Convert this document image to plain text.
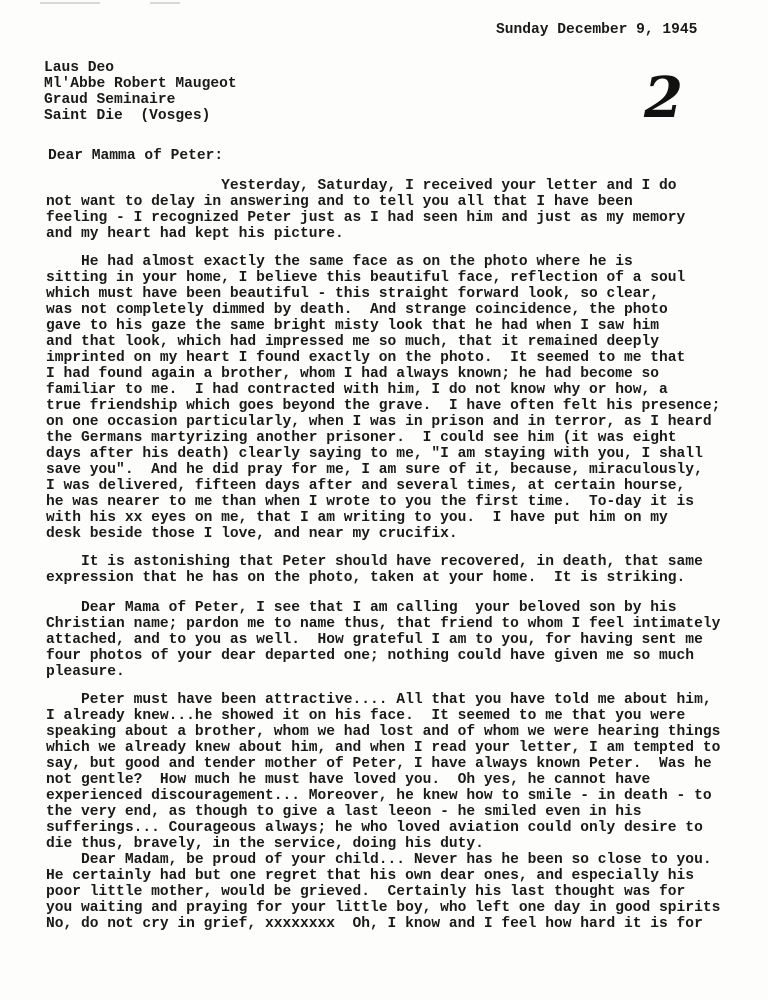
Sunday December 9, 1945
2
Laus Deo
Ml'Abbe Robert Maugeot
Graud Seminaire
Saint Die  (Vosges)
Dear Mamma of Peter:
Yesterday, Saturday, I received your letter and I do
not want to delay in answering and to tell you all that I have been
feeling - I recognized Peter just as I had seen him and just as my memory
and my heart had kept his picture.
He had almost exactly the same face as on the photo where he is
sitting in your home, I believe this beautiful face, reflection of a soul
which must have been beautiful - this straight forward look, so clear,
was not completely dimmed by death.  And strange coincidence, the photo
gave to his gaze the same bright misty look that he had when I saw him
and that look, which had impressed me so much, that it remained deeply
imprinted on my heart I found exactly on the photo.  It seemed to me that
I had found again a brother, whom I had always known; he had become so
familiar to me.  I had contracted with him, I do not know why or how, a
true friendship which goes beyond the grave.  I have often felt his presence;
on one occasion particularly, when I was in prison and in terror, as I heard
the Germans martyrizing another prisoner.  I could see him (it was eight
days after his death) clearly saying to me, "I am staying with you, I shall
save you".  And he did pray for me, I am sure of it, because, miraculously,
I was delivered, fifteen days after and several times, at certain hourse,
he was nearer to me than when I wrote to you the first time.  To-day it is
with his xx eyes on me, that I am writing to you.  I have put him on my
desk beside those I love, and near my crucifix.
It is astonishing that Peter should have recovered, in death, that same
expression that he has on the photo, taken at your home.  It is striking.
Dear Mama of Peter, I see that I am calling  your beloved son by his
Christian name; pardon me to name thus, that friend to whom I feel intimately
attached, and to you as well.  How grateful I am to you, for having sent me
four photos of your dear departed one; nothing could have given me so much
pleasure.
Peter must have been attractive.... All that you have told me about him,
I already knew...he showed it on his face.  It seemed to me that you were
speaking about a brother, whom we had lost and of whom we were hearing things
which we already knew about him, and when I read your letter, I am tempted to
say, but good and tender mother of Peter, I have always known Peter.  Was he
not gentle?  How much he must have loved you.  Oh yes, he cannot have
experienced discouragement... Moreover, he knew how to smile - in death - to
the very end, as though to give a last leeon - he smiled even in his
sufferings... Courageous always; he who loved aviation could only desire to
die thus, bravely, in the service, doing his duty.
Dear Madam, be proud of your child... Never has he been so close to you.
He certainly had but one regret that his own dear ones, and especially his
poor little mother, would be grieved.  Certainly his last thought was for
you waiting and praying for your little boy, who left one day in good spirits
No, do not cry in grief, xxxxxxxx  Oh, I know and I feel how hard it is for
